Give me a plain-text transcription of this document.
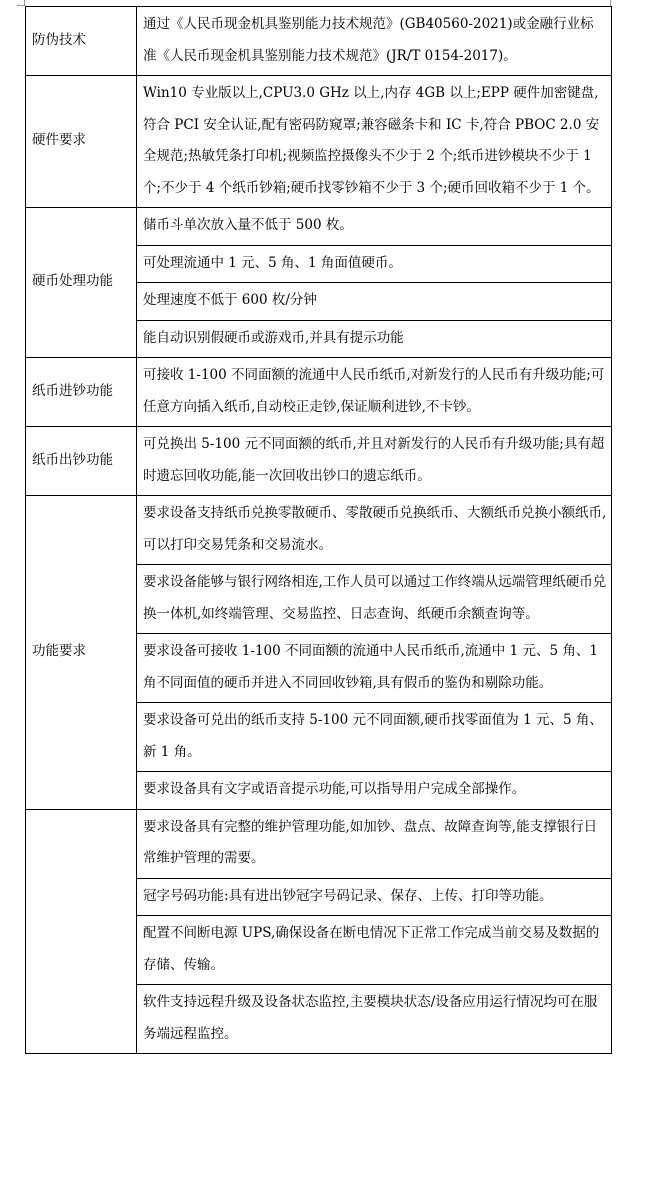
防伪技术	通过《人民币现金机具鉴别能力技术规范》(GB40560-2021)或金融行业标准《人民币现金机具鉴别能力技术规范》(JR/T 0154-2017)。
硬件要求	Win10 专业版以上,CPU3.0 GHz 以上,内存 4GB 以上;EPP 硬件加密键盘,符合 PCI 安全认证,配有密码防窥罩;兼容磁条卡和 IC 卡,符合 PBOC 2.0 安全规范;热敏凭条打印机;视频监控摄像头不少于 2 个;纸币进钞模块不少于 1 个;不少于 4 个纸币钞箱;硬币找零钞箱不少于 3 个;硬币回收箱不少于 1 个。
硬币处理功能	储币斗单次放入量不低于 500 枚。
	可处理流通中 1 元、5 角、1 角面值硬币。
	处理速度不低于 600 枚/分钟
	能自动识别假硬币或游戏币,并具有提示功能
纸币进钞功能	可接收 1-100 不同面额的流通中人民币纸币,对新发行的人民币有升级功能;可任意方向插入纸币,自动校正走钞,保证顺利进钞,不卡钞。
纸币出钞功能	可兑换出 5-100 元不同面额的纸币,并且对新发行的人民币有升级功能;具有超时遗忘回收功能,能一次回收出钞口的遗忘纸币。
功能要求	要求设备支持纸币兑换零散硬币、零散硬币兑换纸币、大额纸币兑换小额纸币,可以打印交易凭条和交易流水。
	要求设备能够与银行网络相连,工作人员可以通过工作终端从远端管理纸硬币兑换一体机,如终端管理、交易监控、日志查询、纸硬币余额查询等。
	要求设备可接收 1-100 不同面额的流通中人民币纸币,流通中 1 元、5 角、1 角不同面值的硬币并进入不同回收钞箱,具有假币的鉴伪和剔除功能。
	要求设备可兑出的纸币支持 5-100 元不同面额,硬币找零面值为 1 元、5 角、新 1 角。
	要求设备具有文字或语音提示功能,可以指导用户完成全部操作。
	要求设备具有完整的维护管理功能,如加钞、盘点、故障查询等,能支撑银行日常维护管理的需要。
	冠字号码功能:具有进出钞冠字号码记录、保存、上传、打印等功能。
	配置不间断电源 UPS,确保设备在断电情况下正常工作完成当前交易及数据的存储、传输。
	软件支持远程升级及设备状态监控,主要模块状态/设备应用运行情况均可在服务端远程监控。
